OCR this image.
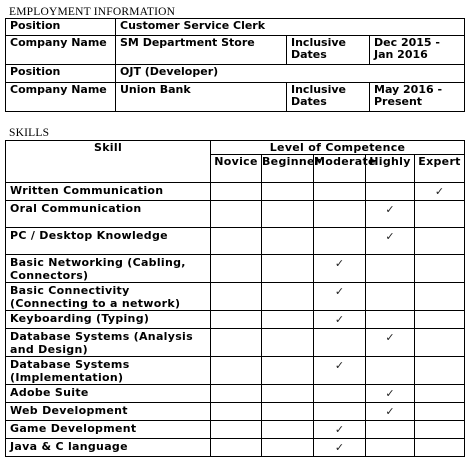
EMPLOYMENT INFORMATION
Position	Customer Service Clerk		
Company Name	SM Department Store	Inclusive Dates	Dec 2015 - Jan 2016
Position	OJT (Developer)		
Company Name	Union Bank	Inclusive Dates	May 2016 - Present
SKILLS
Skill	Level of Competence				
	Novice	Beginner	Moderate	Highly	Expert
Written Communication					✓
Oral Communication				✓	
PC / Desktop Knowledge				✓	
Basic Networking (Cabling, Connectors)			✓		
Basic Connectivity (Connecting to a network)			✓		
Keyboarding (Typing)			✓		
Database Systems (Analysis and Design)				✓	
Database Systems (Implementation)			✓		
Adobe Suite				✓	
Web Development				✓	
Game Development			✓		
Java & C language			✓		
